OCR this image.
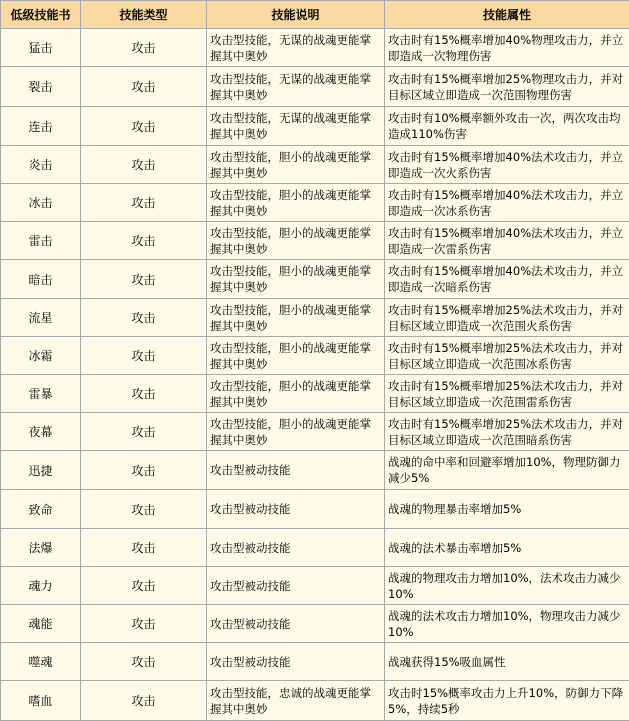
低级技能书	技能类型	技能说明	技能属性
猛击	攻击	攻击型技能，无谋的战魂更能掌握其中奥妙	攻击时有15%概率增加40%物理攻击力，并立即造成一次物理伤害
裂击	攻击	攻击型技能，无谋的战魂更能掌握其中奥妙	攻击时有15%概率增加25%物理攻击力，并对目标区域立即造成一次范围物理伤害
连击	攻击	攻击型技能，无谋的战魂更能掌握其中奥妙	攻击时有10%概率额外攻击一次，两次攻击均造成110%伤害
炎击	攻击	攻击型技能，胆小的战魂更能掌握其中奥妙	攻击时有15%概率增加40%法术攻击力，并立即造成一次火系伤害
冰击	攻击	攻击型技能，胆小的战魂更能掌握其中奥妙	攻击时有15%概率增加40%法术攻击力，并立即造成一次冰系伤害
雷击	攻击	攻击型技能，胆小的战魂更能掌握其中奥妙	攻击时有15%概率增加40%法术攻击力，并立即造成一次雷系伤害
暗击	攻击	攻击型技能，胆小的战魂更能掌握其中奥妙	攻击时有15%概率增加40%法术攻击力，并立即造成一次暗系伤害
流星	攻击	攻击型技能，胆小的战魂更能掌握其中奥妙	攻击时有15%概率增加25%法术攻击力，并对目标区域立即造成一次范围火系伤害
冰霜	攻击	攻击型技能，胆小的战魂更能掌握其中奥妙	攻击时有15%概率增加25%法术攻击力，并对目标区域立即造成一次范围冰系伤害
雷暴	攻击	攻击型技能，胆小的战魂更能掌握其中奥妙	攻击时有15%概率增加25%法术攻击力，并对目标区域立即造成一次范围雷系伤害
夜幕	攻击	攻击型技能，胆小的战魂更能掌握其中奥妙	攻击时有15%概率增加25%法术攻击力，并对目标区域立即造成一次范围暗系伤害
迅捷	攻击	攻击型被动技能	战魂的命中率和回避率增加10%，物理防御力减少5%
致命	攻击	攻击型被动技能	战魂的物理暴击率增加5%
法爆	攻击	攻击型被动技能	战魂的法术暴击率增加5%
魂力	攻击	攻击型被动技能	战魂的物理攻击力增加10%，法术攻击力减少10%
魂能	攻击	攻击型被动技能	战魂的法术攻击力增加10%，物理攻击力减少10%
噬魂	攻击	攻击型被动技能	战魂获得15%吸血属性
嗜血	攻击	攻击型技能，忠诚的战魂更能掌握其中奥妙	攻击时15%概率攻击力上升10%，防御力下降5%，持续5秒
